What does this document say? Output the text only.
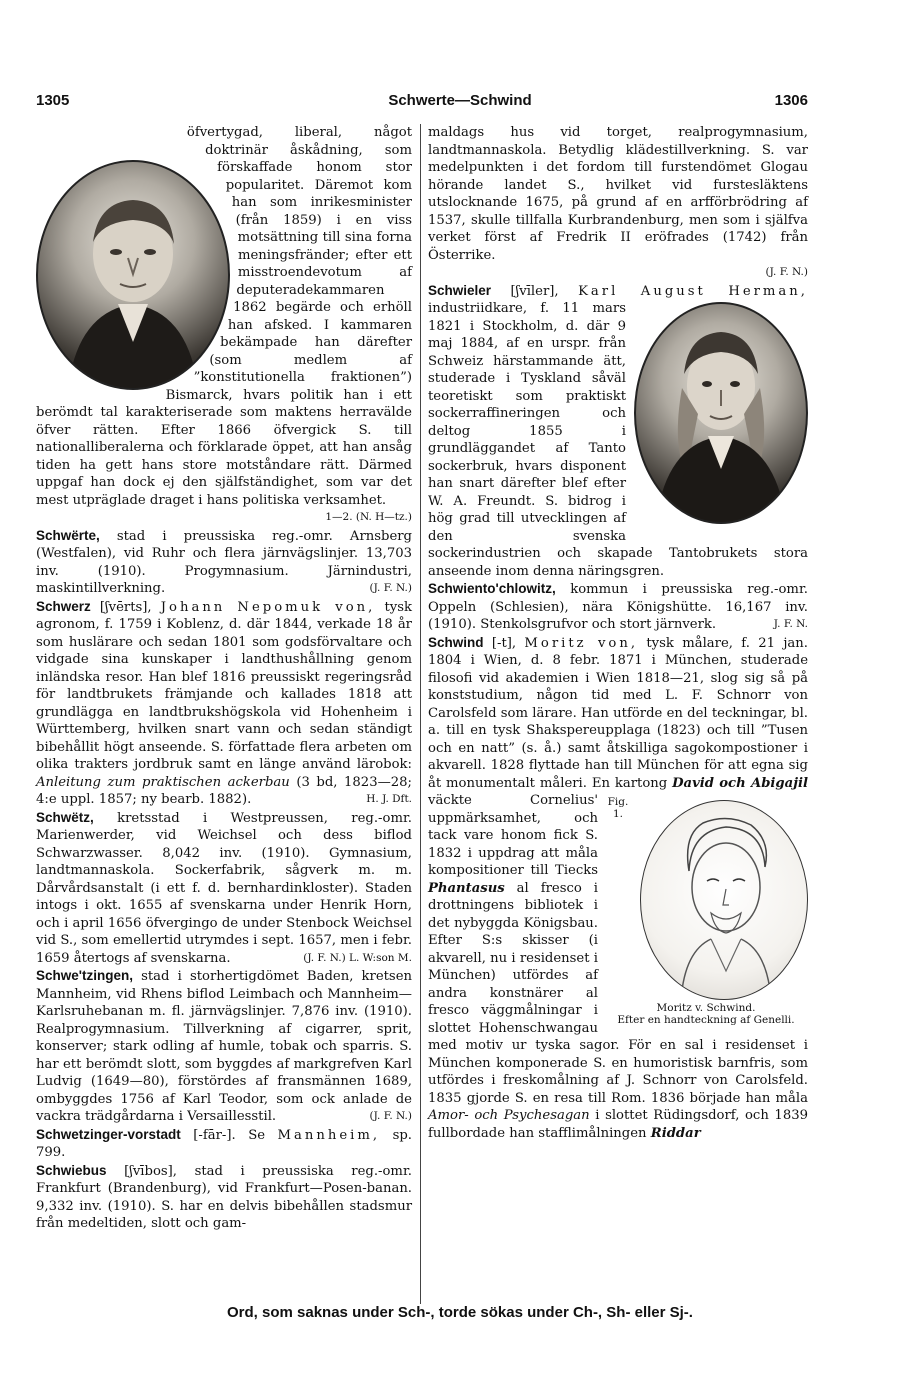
1305	Schwerte—Schwind	1306

öfvertygad, liberal, något doktrinär åskådning, som förskaffade honom stor popularitet. Däremot kom han som inrikesminister (från 1859) i en viss motsättning till sina forna meningsfränder; efter ett misstroendevotum af deputeradekammaren 1862 begärde och erhöll han afsked. I kammaren bekämpade han därefter (som medlem af ”konstitutionella fraktionen”) Bismarck, hvars politik han i ett berömdt tal karakteriserade som maktens herravälde öfver rätten. Efter 1866 öfvergick S. till nationalliberalerna och förklarade öppet, att han ansåg tiden ha gett hans store motståndare rätt. Därmed uppgaf han dock ej den själfständighet, som var det mest utpräglade draget i hans politiska verksamhet.

1—2. (N. H—tz.)

Schwërte, stad i preussiska reg.-omr. Arnsberg (Westfalen), vid Ruhr och flera järnvägslinjer. 13,703 inv. (1910). Progymnasium. Järnindustri, maskintillverkning.	(J. F. N.)

Schwerz [ʃvērts], Johann Nepomuk von, tysk agronom, f. 1759 i Koblenz, d. där 1844, verkade 18 år som huslärare och sedan 1801 som godsförvaltare och vidgade sina kunskaper i landthushållning genom inländska resor. Han blef 1816 preussiskt regeringsråd för landtbrukets främjande och kallades 1818 att grundlägga en landtbrukshögskola vid Hohenheim i Württemberg, hvilken snart vann och sedan ständigt bibehållit högt anseende. S. författade flera arbeten om olika trakters jordbruk samt en länge använd lärobok: Anleitung zum praktischen ackerbau (3 bd, 1823—28; 4:e uppl. 1857; ny bearb. 1882).	H. J. Dft.

Schwëtz, kretsstad i Westpreussen, reg.-omr. Marienwerder, vid Weichsel och dess biflod Schwarzwasser. 8,042 inv. (1910). Gymnasium, landtmannaskola. Sockerfabrik, sågverk m. m. Dårvårdsanstalt (i ett f. d. bernhardinkloster). Staden intogs i okt. 1655 af svenskarna under Henrik Horn, och i april 1656 öfvergingo de under Stenbock Weichsel vid S., som emellertid utrymdes i sept. 1657, men i febr. 1659 återtogs af svenskarna.	(J. F. N.) L. W:son M.

Schwe'tzingen, stad i storhertigdömet Baden, kretsen Mannheim, vid Rhens biflod Leimbach och Mannheim—Karlsruhebanan m. fl. järnvägslinjer. 7,876 inv. (1910). Realprogymnasium. Tillverkning af cigarrer, sprit, konserver; stark odling af humle, tobak och sparris. S. har ett berömdt slott, som byggdes af markgrefven Karl Ludvig (1649—80), förstördes af fransmännen 1689, ombyggdes 1756 af Karl Teodor, som ock anlade de vackra trädgårdarna i Versaillesstil.	(J. F. N.)

Schwetzinger-vorstadt [-fār-]. Se Mannheim, sp. 799.

Schwiebus [ʃvībos], stad i preussiska reg.-omr. Frankfurt (Brandenburg), vid Frankfurt—Posen-banan. 9,332 inv. (1910). S. har en delvis bibehållen stadsmur från medeltiden, slott och gam-

maldags hus vid torget, realprogymnasium, landtmannaskola. Betydlig klädestillverkning. S. var medelpunkten i det fordom till furstendömet Glogau hörande landet S., hvilket vid furstesläktens utslocknande 1675, på grund af en arfförbrödring af 1537, skulle tillfalla Kurbrandenburg, men som i själfva verket först af Fredrik II eröfrades (1742) från Österrike.

(J. F. N.)

Schwieler [ʃvīler], Karl August Herman,
industriidkare, f. 11 mars 1821 i Stockholm, d. där 9 maj 1884, af en urspr. från Schweiz härstammande ätt, studerade i Tyskland såväl teoretiskt som praktiskt sockerraffineringen och deltog 1855 i grundläggandet af Tanto sockerbruk, hvars disponent han snart därefter blef efter W. A. Freundt. S. bidrog i hög grad till utvecklingen af den svenska sockerindustrien och skapade Tantobrukets stora anseende inom denna näringsgren.

Schwiento'chlowitz, kommun i preussiska reg.-omr. Oppeln (Schlesien), nära Königshütte. 16,167 inv. (1910). Stenkolsgrufvor och stort järnverk.	J. F. N.

Schwind [-t], Moritz von, tysk målare, f. 21 jan. 1804 i Wien, d. 8 febr. 1871 i München, studerade filosofi vid akademien i Wien 1818—21, slog sig så på konststudium, någon tid med L. F. Schnorr von Carolsfeld som lärare. Han utförde en del teckningar, bl. a. till en tysk Shakspereupplaga (1823) och till ”Tusen och en natt” (s. å.) samt åtskilliga sagokompostioner i akvarell. 1828 flyttade han till München för att egna sig åt monumentalt måleri. En kartong
Fig. 1. Moritz v. Schwind.
Efter en handteckning af Genelli.
David och Abigajil väckte Cornelius' uppmärksamhet, och tack vare honom fick S. 1832 i uppdrag att måla kompositioner till Tiecks Phantasus al fresco i drottningens bibliotek i det nybyggda Königsbau. Efter S:s skisser (i akvarell, nu i residenset i München) utfördes af andra konstnärer al fresco väggmålningar i slottet Hohenschwangau med motiv ur tyska sagor. För en sal i residenset i München komponerade S. en humoristisk barnfris, som utfördes i freskomålning af J. Schnorr von Carolsfeld. 1835 gjorde S. en resa till Rom. 1836 började han måla Amor- och Psychesagan i slottet Rüdingsdorf, och 1839 fullbordade han stafflimålningen Riddar

Ord, som saknas under Sch-, torde sökas under Ch-, Sh- eller Sj-.
